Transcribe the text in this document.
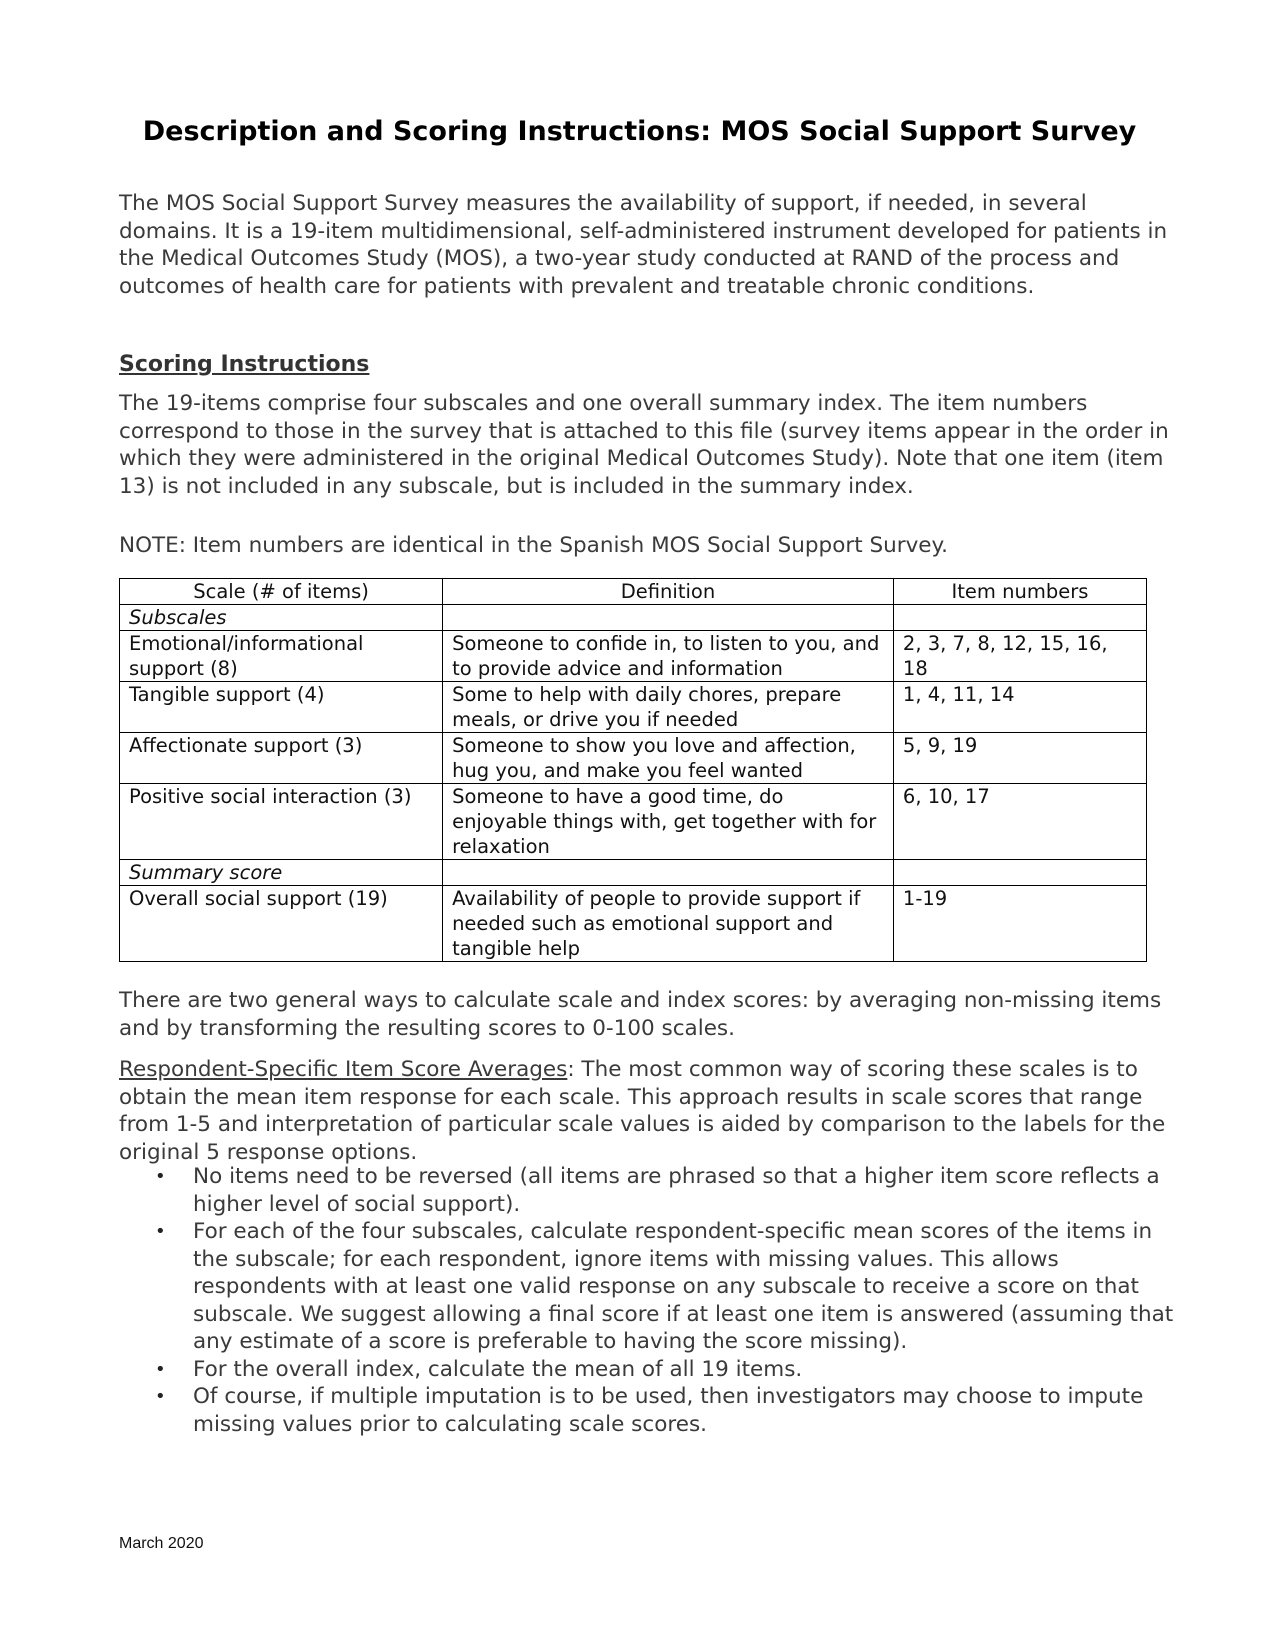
Description and Scoring Instructions: MOS Social Support Survey

The MOS Social Support Survey measures the availability of support, if needed, in several domains. It is a 19-item multidimensional, self-administered instrument developed for patients in the Medical Outcomes Study (MOS), a two-year study conducted at RAND of the process and outcomes of health care for patients with prevalent and treatable chronic conditions.

Scoring Instructions

The 19-items comprise four subscales and one overall summary index. The item numbers correspond to those in the survey that is attached to this file (survey items appear in the order in which they were administered in the original Medical Outcomes Study). Note that one item (item 13) is not included in any subscale, but is included in the summary index.

NOTE: Item numbers are identical in the Spanish MOS Social Support Survey.

Scale (# of items)	Definition	Item numbers
Subscales		
Emotional/informational support (8)	Someone to confide in, to listen to you, and to provide advice and information	2, 3, 7, 8, 12, 15, 16, 18
Tangible support (4)	Some to help with daily chores, prepare meals, or drive you if needed	1, 4, 11, 14
Affectionate support (3)	Someone to show you love and affection, hug you, and make you feel wanted	5, 9, 19
Positive social interaction (3)	Someone to have a good time, do enjoyable things with, get together with for relaxation	6, 10, 17
Summary score		
Overall social support (19)	Availability of people to provide support if needed such as emotional support and tangible help	1-19

There are two general ways to calculate scale and index scores: by averaging non-missing items and by transforming the resulting scores to 0-100 scales.

Respondent-Specific Item Score Averages: The most common way of scoring these scales is to obtain the mean item response for each scale. This approach results in scale scores that range from 1-5 and interpretation of particular scale values is aided by comparison to the labels for the original 5 response options.

• No items need to be reversed (all items are phrased so that a higher item score reflects a higher level of social support).
• For each of the four subscales, calculate respondent-specific mean scores of the items in the subscale; for each respondent, ignore items with missing values. This allows respondents with at least one valid response on any subscale to receive a score on that subscale. We suggest allowing a final score if at least one item is answered (assuming that any estimate of a score is preferable to having the score missing).
• For the overall index, calculate the mean of all 19 items.
• Of course, if multiple imputation is to be used, then investigators may choose to impute missing values prior to calculating scale scores.

March 2020
